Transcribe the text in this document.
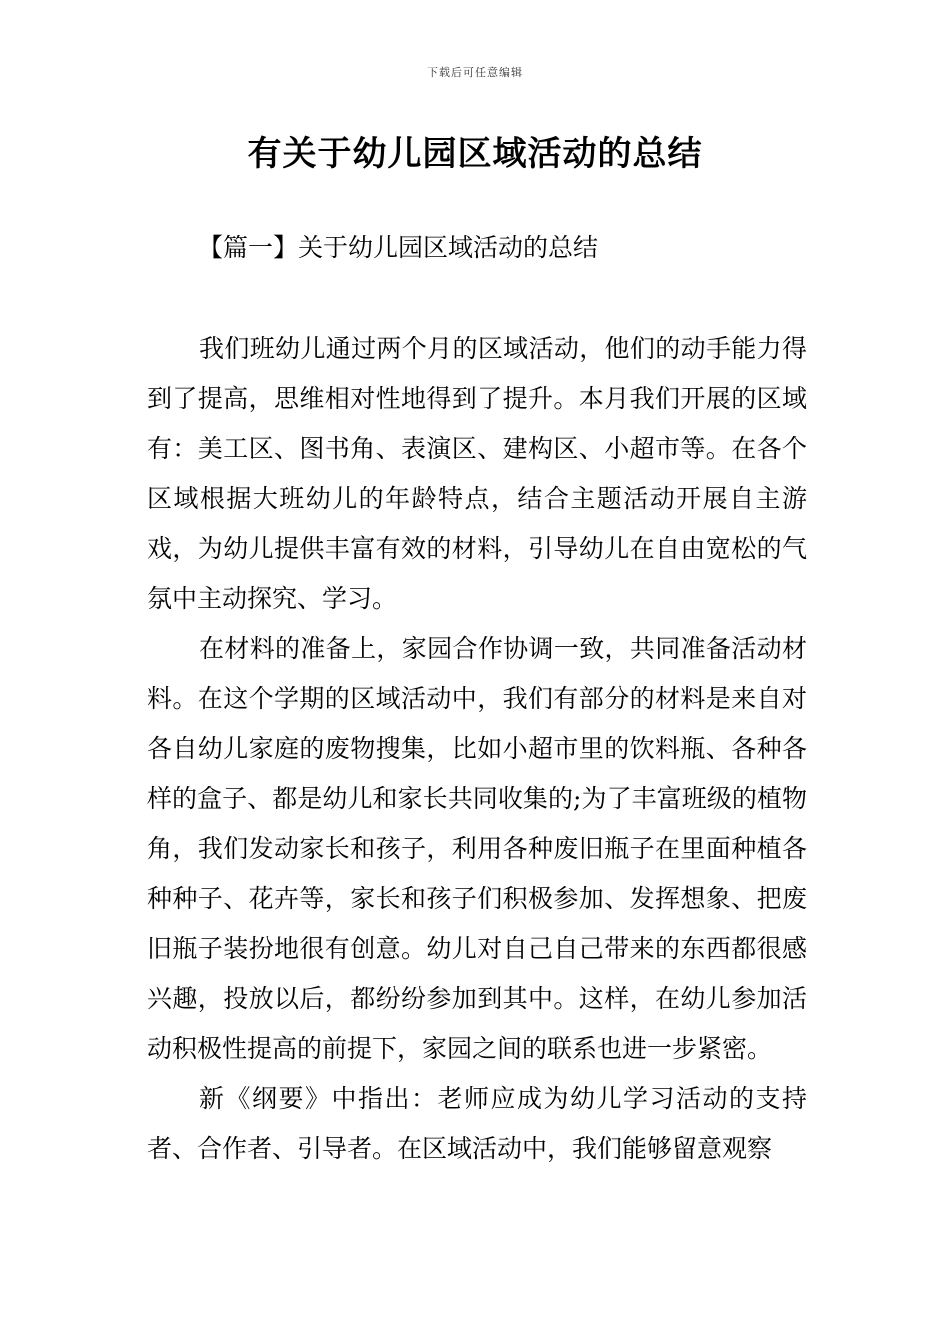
下载后可任意编辑
有关于幼儿园区域活动的总结
【篇一】关于幼儿园区域活动的总结

我们班幼儿通过两个月的区域活动，他们的动手能力得到了提高，思维相对性地得到了提升。本月我们开展的区域有：美工区、图书角、表演区、建构区、小超市等。在各个区域根据大班幼儿的年龄特点，结合主题活动开展自主游戏，为幼儿提供丰富有效的材料，引导幼儿在自由宽松的气氛中主动探究、学习。

在材料的准备上，家园合作协调一致，共同准备活动材料。在这个学期的区域活动中，我们有部分的材料是来自对各自幼儿家庭的废物搜集，比如小超市里的饮料瓶、各种各样的盒子、都是幼儿和家长共同收集的;为了丰富班级的植物角，我们发动家长和孩子，利用各种废旧瓶子在里面种植各种种子、花卉等，家长和孩子们积极参加、发挥想象、把废旧瓶子装扮地很有创意。幼儿对自己自己带来的东西都很感兴趣，投放以后，都纷纷参加到其中。这样，在幼儿参加活动积极性提高的前提下，家园之间的联系也进一步紧密。

新《纲要》中指出：老师应成为幼儿学习活动的支持者、合作者、引导者。在区域活动中，我们能够留意观察
